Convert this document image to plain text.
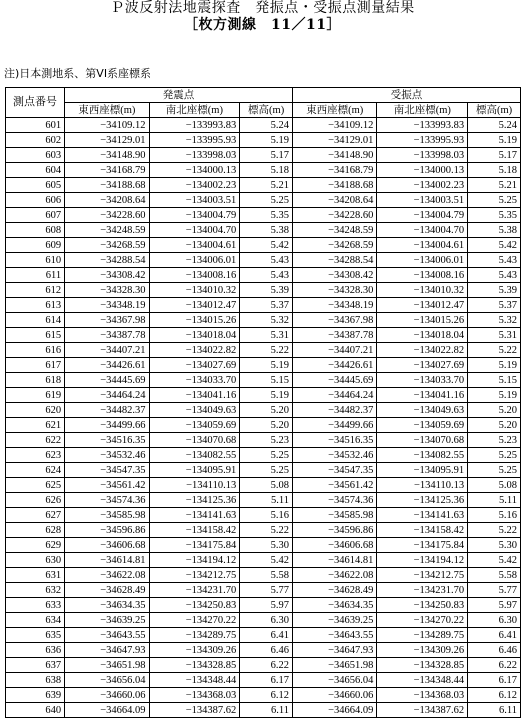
Ｐ波反射法地震探査　発振点・受振点測量結果
［枚方測線　11／11］
注)日本測地系、第VI系座標系
測点番号	発震点			受振点		
	東西座標(m)	南北座標(m)	標高(m)	東西座標(m)	南北座標(m)	標高(m)
601	−34109.12	−133993.83	5.24	−34109.12	−133993.83	5.24
602	−34129.01	−133995.93	5.19	−34129.01	−133995.93	5.19
603	−34148.90	−133998.03	5.17	−34148.90	−133998.03	5.17
604	−34168.79	−134000.13	5.18	−34168.79	−134000.13	5.18
605	−34188.68	−134002.23	5.21	−34188.68	−134002.23	5.21
606	−34208.64	−134003.51	5.25	−34208.64	−134003.51	5.25
607	−34228.60	−134004.79	5.35	−34228.60	−134004.79	5.35
608	−34248.59	−134004.70	5.38	−34248.59	−134004.70	5.38
609	−34268.59	−134004.61	5.42	−34268.59	−134004.61	5.42
610	−34288.54	−134006.01	5.43	−34288.54	−134006.01	5.43
611	−34308.42	−134008.16	5.43	−34308.42	−134008.16	5.43
612	−34328.30	−134010.32	5.39	−34328.30	−134010.32	5.39
613	−34348.19	−134012.47	5.37	−34348.19	−134012.47	5.37
614	−34367.98	−134015.26	5.32	−34367.98	−134015.26	5.32
615	−34387.78	−134018.04	5.31	−34387.78	−134018.04	5.31
616	−34407.21	−134022.82	5.22	−34407.21	−134022.82	5.22
617	−34426.61	−134027.69	5.19	−34426.61	−134027.69	5.19
618	−34445.69	−134033.70	5.15	−34445.69	−134033.70	5.15
619	−34464.24	−134041.16	5.19	−34464.24	−134041.16	5.19
620	−34482.37	−134049.63	5.20	−34482.37	−134049.63	5.20
621	−34499.66	−134059.69	5.20	−34499.66	−134059.69	5.20
622	−34516.35	−134070.68	5.23	−34516.35	−134070.68	5.23
623	−34532.46	−134082.55	5.25	−34532.46	−134082.55	5.25
624	−34547.35	−134095.91	5.25	−34547.35	−134095.91	5.25
625	−34561.42	−134110.13	5.08	−34561.42	−134110.13	5.08
626	−34574.36	−134125.36	5.11	−34574.36	−134125.36	5.11
627	−34585.98	−134141.63	5.16	−34585.98	−134141.63	5.16
628	−34596.86	−134158.42	5.22	−34596.86	−134158.42	5.22
629	−34606.68	−134175.84	5.30	−34606.68	−134175.84	5.30
630	−34614.81	−134194.12	5.42	−34614.81	−134194.12	5.42
631	−34622.08	−134212.75	5.58	−34622.08	−134212.75	5.58
632	−34628.49	−134231.70	5.77	−34628.49	−134231.70	5.77
633	−34634.35	−134250.83	5.97	−34634.35	−134250.83	5.97
634	−34639.25	−134270.22	6.30	−34639.25	−134270.22	6.30
635	−34643.55	−134289.75	6.41	−34643.55	−134289.75	6.41
636	−34647.93	−134309.26	6.46	−34647.93	−134309.26	6.46
637	−34651.98	−134328.85	6.22	−34651.98	−134328.85	6.22
638	−34656.04	−134348.44	6.17	−34656.04	−134348.44	6.17
639	−34660.06	−134368.03	6.12	−34660.06	−134368.03	6.12
640	−34664.09	−134387.62	6.11	−34664.09	−134387.62	6.11
